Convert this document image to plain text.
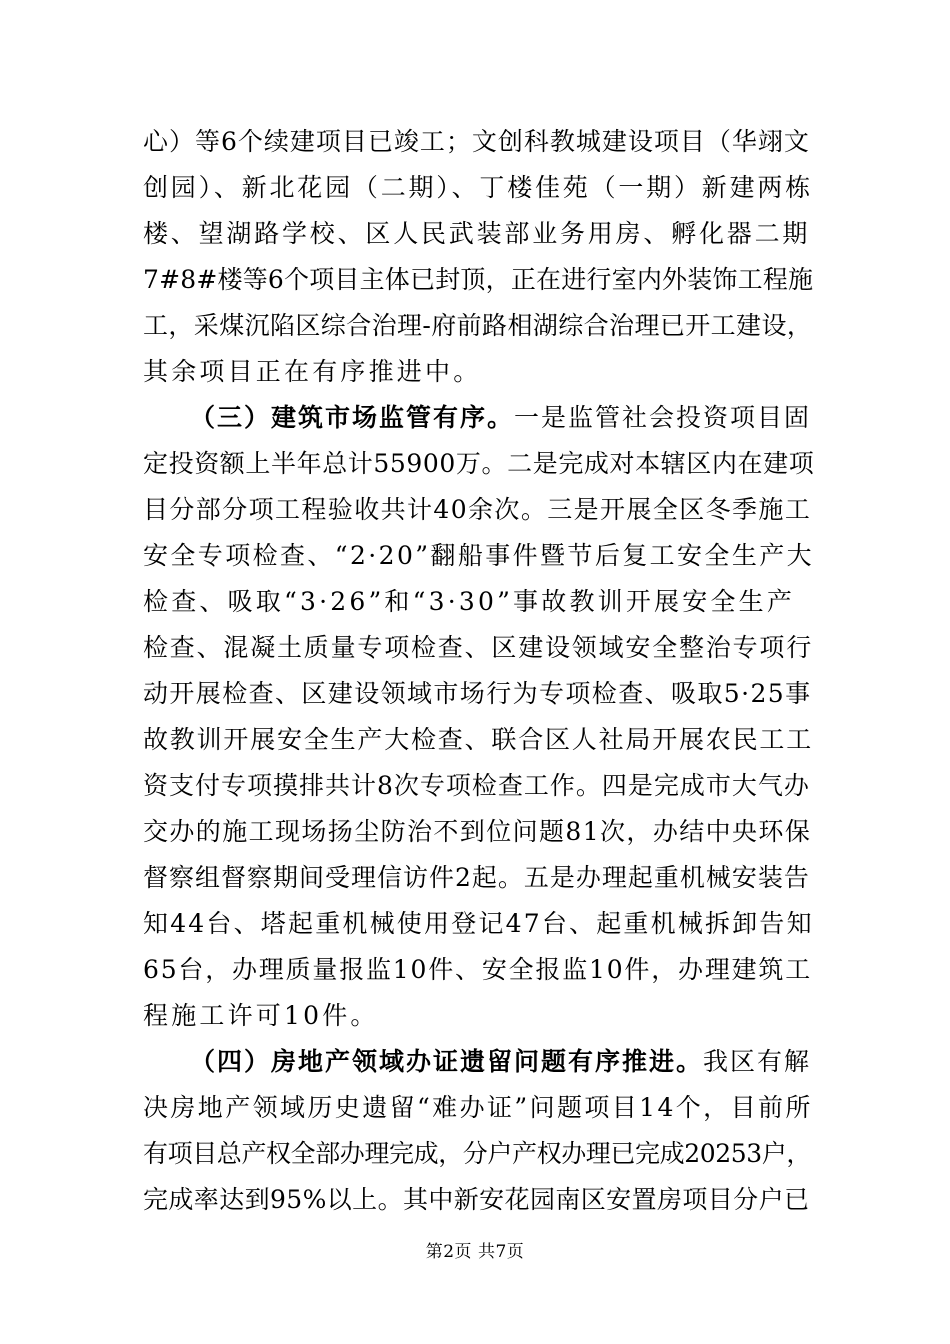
心）等6个续建项目已竣工；文创科教城建设项目（华翊文
创园）、新北花园（二期）、丁楼佳苑（一期）新建两栋
楼、望湖路学校、区人民武装部业务用房、孵化器二期
7#8#楼等6个项目主体已封顶，正在进行室内外装饰工程施
工，采煤沉陷区综合治理-府前路相湖综合治理已开工建设，
其余项目正在有序推进中。
（三）建筑市场监管有序。一是监管社会投资项目固
定投资额上半年总计55900万。二是完成对本辖区内在建项
目分部分项工程验收共计40余次。三是开展全区冬季施工
安全专项检查、“2·20”翻船事件暨节后复工安全生产大
检查、吸取“3·26”和“3·30”事故教训开展安全生产
检查、混凝土质量专项检查、区建设领域安全整治专项行
动开展检查、区建设领域市场行为专项检查、吸取5·25事
故教训开展安全生产大检查、联合区人社局开展农民工工
资支付专项摸排共计8次专项检查工作。四是完成市大气办
交办的施工现场扬尘防治不到位问题81次，办结中央环保
督察组督察期间受理信访件2起。五是办理起重机械安装告
知44台、塔起重机械使用登记47台、起重机械拆卸告知
65台，办理质量报监10件、安全报监10件，办理建筑工
程施工许可10件。
（四）房地产领域办证遗留问题有序推进。我区有解
决房地产领域历史遗留“难办证”问题项目14个，目前所
有项目总产权全部办理完成，分户产权办理已完成20253户，
完成率达到95%以上。其中新安花园南区安置房项目分户已
第2页 共7页
